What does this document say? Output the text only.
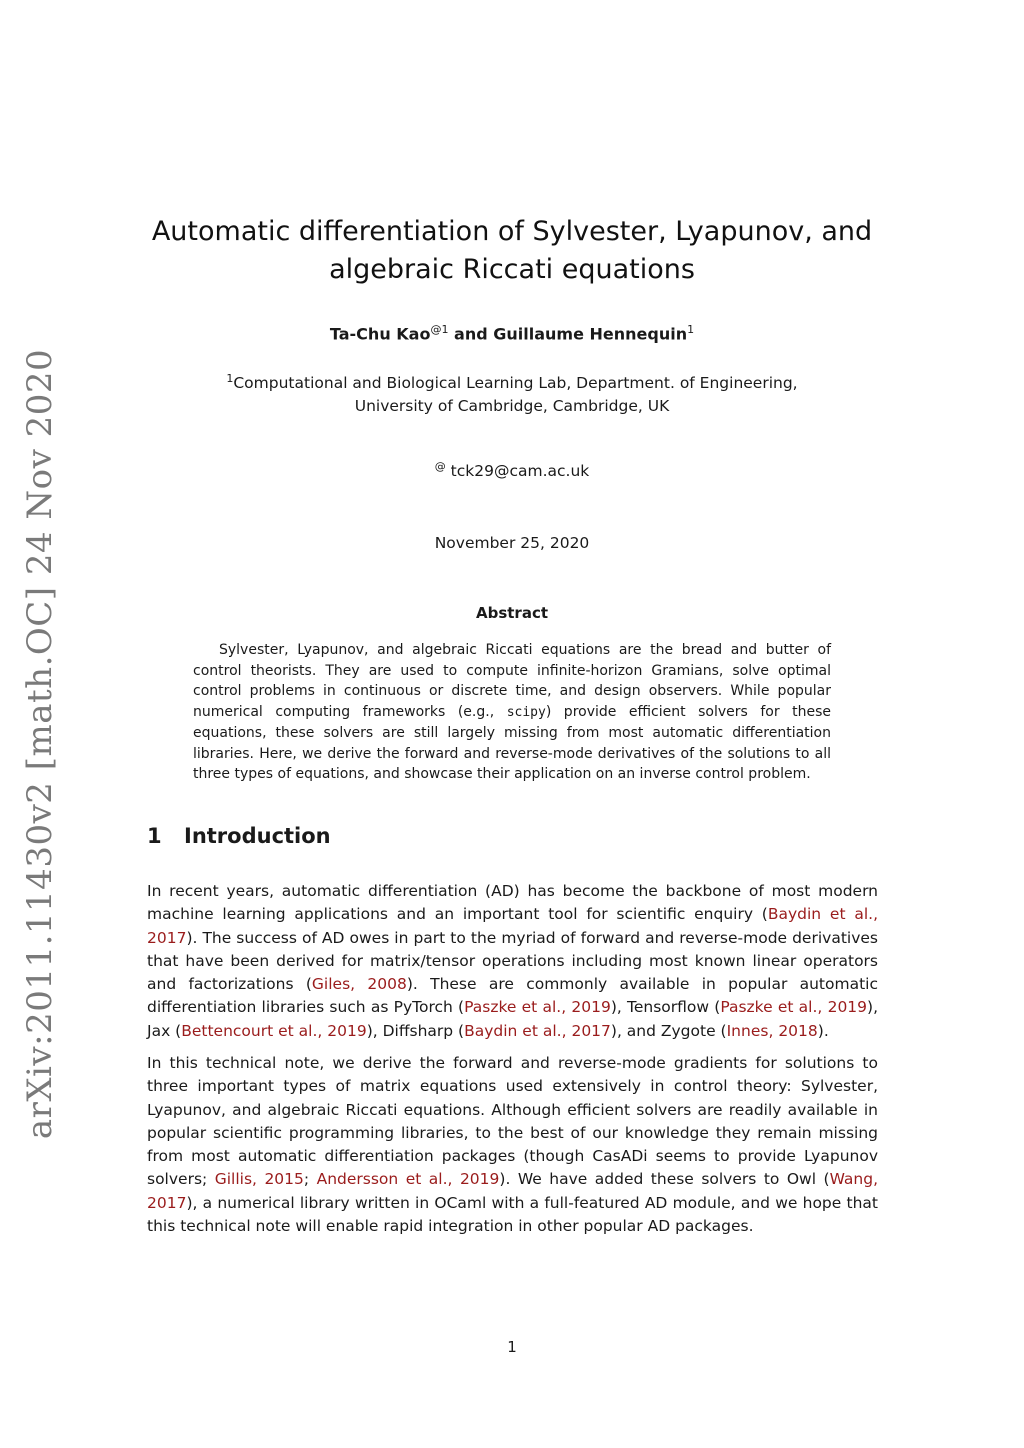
arXiv:2011.11430v2 [math.OC] 24 Nov 2020
Automatic differentiation of Sylvester, Lyapunov, and algebraic Riccati equations
Ta-Chu Kao$^{@1}$ and Guillaume Hennequin$^1$
$^1$Computational and Biological Learning Lab, Department. of Engineering,
University of Cambridge, Cambridge, UK
@ tck29@cam.ac.uk
November 25, 2020
Abstract

Sylvester, Lyapunov, and algebraic Riccati equations are the bread and butter of control theorists. They are used to compute infinite-horizon Gramians, solve optimal control problems in continuous or discrete time, and design observers. While popular numerical computing frameworks (e.g., scipy) provide efficient solvers for these equations, these solvers are still largely missing from most automatic differentiation libraries. Here, we derive the forward and reverse-mode derivatives of the solutions to all three types of equations, and showcase their application on an inverse control problem.

1 Introduction

In recent years, automatic differentiation (AD) has become the backbone of most modern machine learning applications and an important tool for scientific enquiry (Baydin et al., 2017). The success of AD owes in part to the myriad of forward and reverse-mode derivatives that have been derived for matrix/tensor operations including most known linear operators and factorizations (Giles, 2008). These are commonly available in popular automatic differentiation libraries such as PyTorch (Paszke et al., 2019), Tensorflow (Paszke et al., 2019), Jax (Bettencourt et al., 2019), Diffsharp (Baydin et al., 2017), and Zygote (Innes, 2018).

In this technical note, we derive the forward and reverse-mode gradients for solutions to three important types of matrix equations used extensively in control theory: Sylvester, Lyapunov, and algebraic Riccati equations. Although efficient solvers are readily available in popular scientific programming libraries, to the best of our knowledge they remain missing from most automatic differentiation packages (though CasADi seems to provide Lyapunov solvers; Gillis, 2015; Andersson et al., 2019). We have added these solvers to Owl (Wang, 2017), a numerical library written in OCaml with a full-featured AD module, and we hope that this technical note will enable rapid integration in other popular AD packages.

1
